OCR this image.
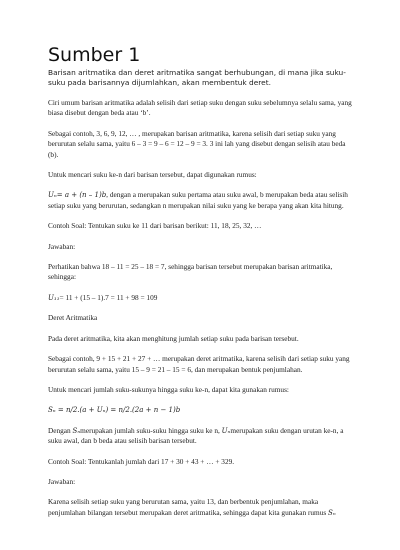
Sumber 1

Barisan aritmatika dan deret aritmatika sangat berhubungan, di mana jika suku-suku pada barisannya dijumlahkan, akan membentuk deret.

Ciri umum barisan aritmatika adalah selisih dari setiap suku dengan suku sebelumnya selalu sama, yang biasa disebut dengan beda atau ‘b’.

Sebagai contoh, 3, 6, 9, 12, … , merupakan barisan aritmatika, karena selisih dari setiap suku yang berurutan selalu sama, yaitu 6 – 3 = 9 – 6 = 12 – 9 = 3. 3 ini lah yang disebut dengan selisih atau beda (b).

Untuk mencari suku ke-n dari barisan tersebut, dapat digunakan rumus:

Uₙ= a + (n – 1)b, dengan a merupakan suku pertama atau suku awal, b merupakan beda atau selisih setiap suku yang berurutan, sedangkan n merupakan nilai suku yang ke berapa yang akan kita hitung.

Contoh Soal: Tentukan suku ke 11 dari barisan berikut: 11, 18, 25, 32, …

Jawaban:

Perhatikan bahwa 18 – 11 = 25 – 18 = 7, sehingga barisan tersebut merupakan barisan aritmatika, sehingga:

U₁₁= 11 + (15 – 1).7 = 11 + 98 = 109

Deret Aritmatika

Pada deret aritmatika, kita akan menghitung jumlah setiap suku pada barisan tersebut.

Sebagai contoh, 9 + 15 + 21 + 27 + … merupakan deret aritmatika, karena selisih dari setiap suku yang berurutan selalu sama, yaitu 15 – 9 = 21 – 15 = 6, dan merupakan bentuk penjumlahan.

Untuk mencari jumlah suku-sukunya hingga suku ke-n, dapat kita gunakan rumus:

Sₙ = n/2.(a + Uₙ) = n/2.(2a + n − 1)b

Dengan Sₙmerupakan jumlah suku-suku hingga suku ke n, Uₙmerupakan suku dengan urutan ke-n, a suku awal, dan b beda atau selisih barisan tersebut.

Contoh Soal: Tentukanlah jumlah dari 17 + 30 + 43 + … + 329.

Jawaban:

Karena selisih setiap suku yang berurutan sama, yaitu 13, dan berbentuk penjumlahan, maka penjumlahan bilangan tersebut merupakan deret aritmatika, sehingga dapat kita gunakan rumus Sₙ
